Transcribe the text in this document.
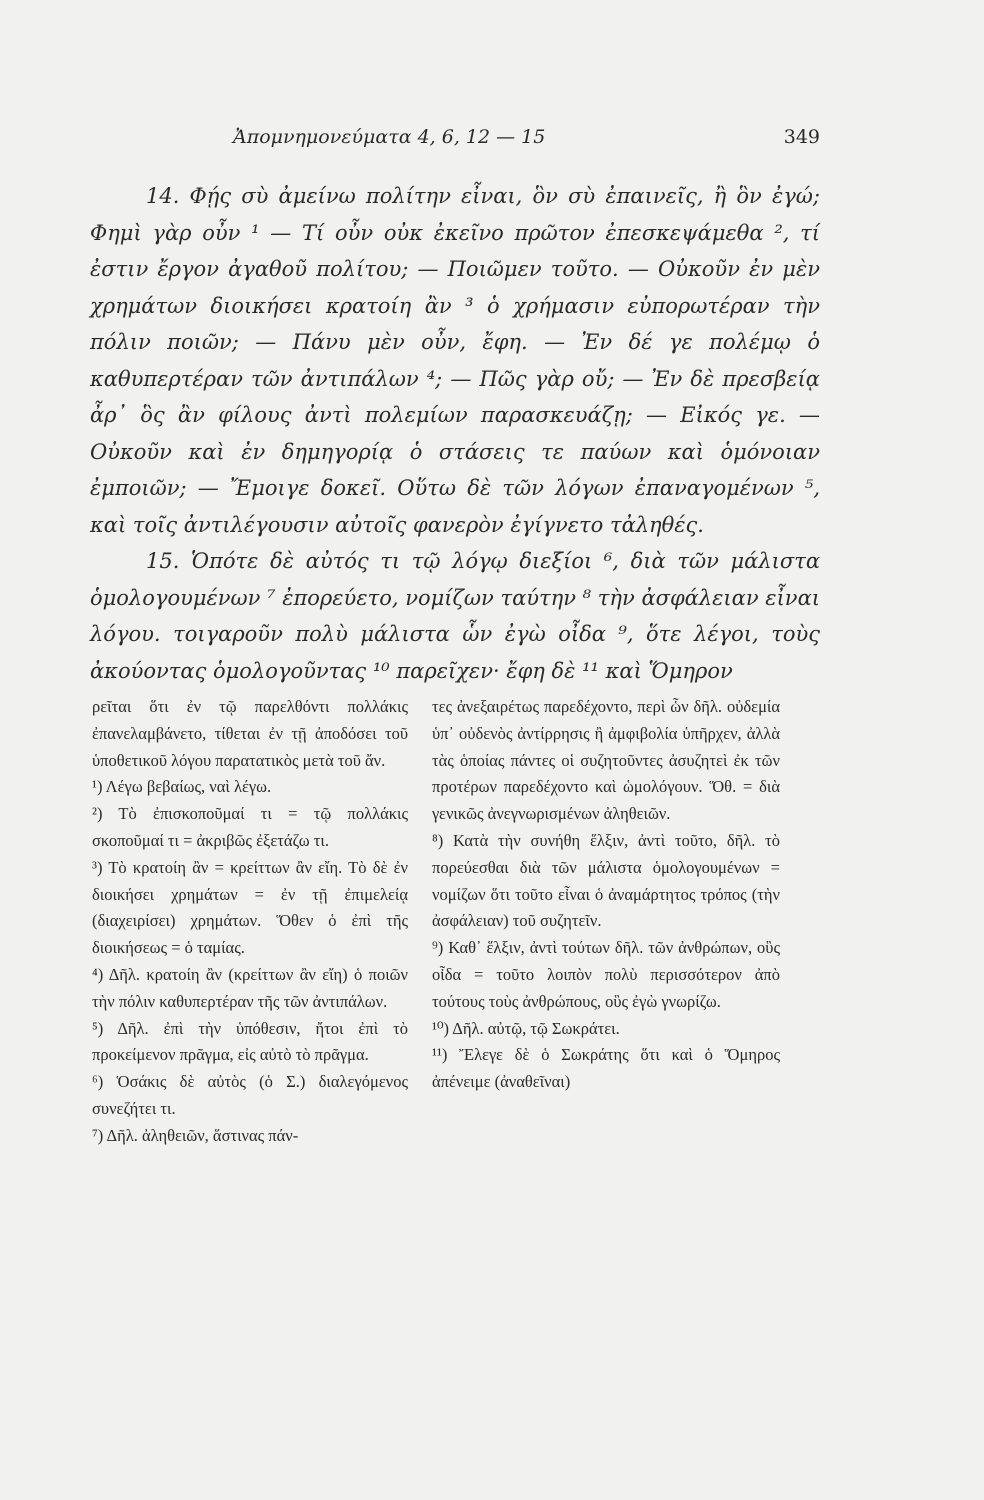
Ἀπομνημονεύματα 4, 6, 12 — 15	349

14. Φῄς σὺ ἀμείνω πολίτην εἶναι, ὃν σὺ ἐπαινεῖς, ἢ ὃν ἐγώ; Φημὶ γὰρ οὖν ¹ — Τί οὖν οὐκ ἐκεῖνο πρῶτον ἐπεσκεψάμεθα ², τί ἐστιν ἔργον ἀγαθοῦ πολίτου; — Ποιῶμεν τοῦτο. — Οὐκοῦν ἐν μὲν χρημάτων διοικήσει κρατοίη ἂν ³ ὁ χρήμασιν εὐπορωτέραν τὴν πόλιν ποιῶν; — Πάνυ μὲν οὖν, ἔφη. — Ἐν δέ γε πολέμῳ ὁ καθυπερτέραν τῶν ἀντιπάλων ⁴; — Πῶς γὰρ οὔ; — Ἐν δὲ πρεσβείᾳ ἆρ᾽ ὃς ἂν φίλους ἀντὶ πολεμίων παρασκευάζῃ; — Εἰκός γε. — Οὐκοῦν καὶ ἐν δημηγορίᾳ ὁ στάσεις τε παύων καὶ ὁμόνοιαν ἐμποιῶν; — Ἔμοιγε δοκεῖ. Οὕτω δὲ τῶν λόγων ἐπαναγομένων ⁵, καὶ τοῖς ἀντιλέγουσιν αὐτοῖς φανερὸν ἐγίγνετο τἀληθές.

15. Ὁπότε δὲ αὐτός τι τῷ λόγῳ διεξίοι ⁶, διὰ τῶν μάλιστα ὁμολογουμένων ⁷ ἐπορεύετο, νομίζων ταύτην ⁸ τὴν ἀσφάλειαν εἶναι λόγου. τοιγαροῦν πολὺ μάλιστα ὧν ἐγὼ οἶδα ⁹, ὅτε λέγοι, τοὺς ἀκούοντας ὁμολογοῦντας ¹⁰ παρεῖχεν· ἔφη δὲ ¹¹ καὶ Ὅμηρον

ρεῖται ὅτι ἐν τῷ παρελθόντι πολλάκις ἐπανελαμβάνετο, τίθεται ἐν τῇ ἀποδόσει τοῦ ὑποθετικοῦ λόγου παρατατικὸς μετὰ τοῦ ἄν.

¹) Λέγω βεβαίως, ναὶ λέγω.

²) Τὸ ἐπισκοποῦμαί τι = τῷ πολλάκις σκοποῦμαί τι = ἀκριβῶς ἐξετάζω τι.

³) Τὸ κρατοίη ἂν = κρείττων ἂν εἴη. Τὸ δὲ ἐν διοικήσει χρημάτων = ἐν τῇ ἐπιμελείᾳ (διαχειρίσει) χρημάτων. Ὅθεν ὁ ἐπὶ τῆς διοικήσεως = ὁ ταμίας.

⁴) Δῆλ. κρατοίη ἂν (κρείττων ἂν εἴη) ὁ ποιῶν τὴν πόλιν καθυπερτέραν τῆς τῶν ἀντιπάλων.

⁵) Δῆλ. ἐπὶ τὴν ὑπόθεσιν, ἤτοι ἐπὶ τὸ προκείμενον πρᾶγμα, εἰς αὐτὸ τὸ πρᾶγμα.

⁶) Ὁσάκις δὲ αὐτὸς (ὁ Σ.) διαλεγόμενος συνεζήτει τι.

⁷) Δῆλ. ἀληθειῶν, ἅστινας πάν-

τες ἀνεξαιρέτως παρεδέχοντο, περὶ ὧν δῆλ. οὐδεμία ὑπ᾽ οὐδενὸς ἀντίρρησις ἢ ἀμφιβολία ὑπῆρχεν, ἀλλὰ τὰς ὁποίας πάντες οἱ συζητοῦντες ἀσυζητεὶ ἐκ τῶν προτέρων παρεδέχοντο καὶ ὡμολόγουν. Ὅθ. = διὰ γενικῶς ἀνεγνωρισμένων ἀληθειῶν.

⁸) Κατὰ τὴν συνήθη ἕλξιν, ἀντὶ τοῦτο, δῆλ. τὸ πορεύεσθαι διὰ τῶν μάλιστα ὁμολογουμένων = νομίζων ὅτι τοῦτο εἶναι ὁ ἀναμάρτητος τρόπος (τὴν ἀσφάλειαν) τοῦ συζητεῖν.

⁹) Καθ᾽ ἕλξιν, ἀντὶ τούτων δῆλ. τῶν ἀνθρώπων, οὓς οἶδα = τοῦτο λοιπὸν πολὺ περισσότερον ἀπὸ τούτους τοὺς ἀνθρώπους, οὓς ἐγὼ γνωρίζω.

¹⁰) Δῆλ. αὐτῷ, τῷ Σωκράτει.

¹¹) Ἔλεγε δὲ ὁ Σωκράτης ὅτι καὶ ὁ Ὅμηρος ἀπένειμε (ἀναθεῖναι)
